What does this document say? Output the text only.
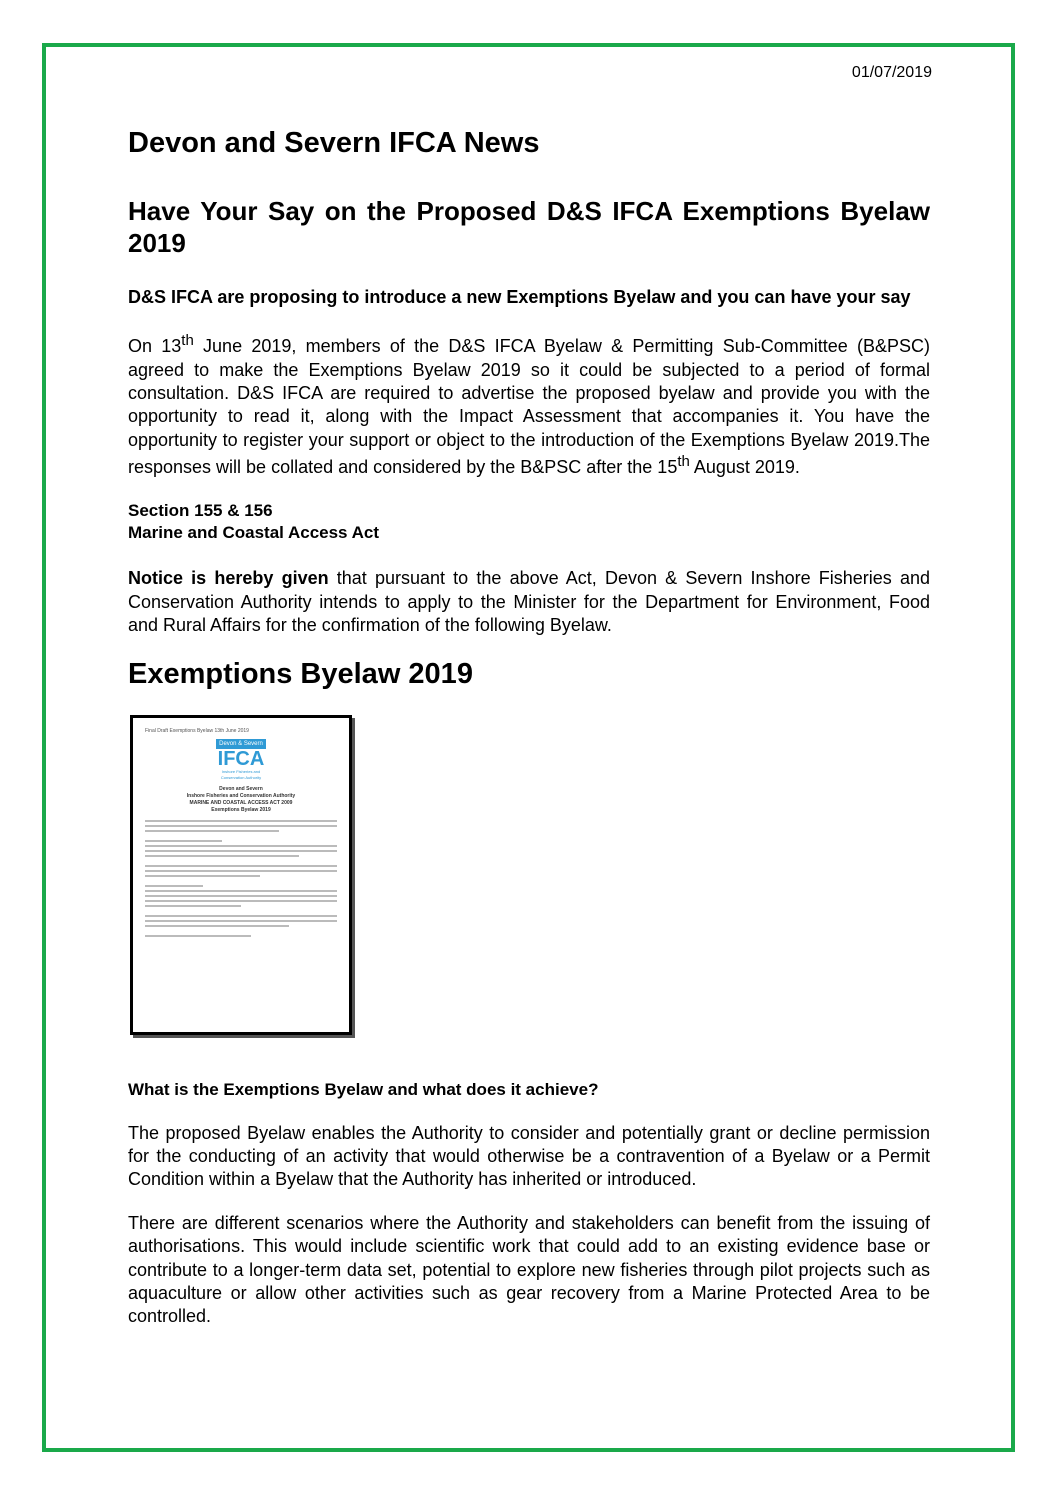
01/07/2019
Devon and Severn IFCA News
Have Your Say on the Proposed D&S IFCA Exemptions Byelaw 2019
D&S IFCA are proposing to introduce a new Exemptions Byelaw and you can have your say

On 13th June 2019, members of the D&S IFCA Byelaw & Permitting Sub-Committee (B&PSC) agreed to make the Exemptions Byelaw 2019 so it could be subjected to a period of formal consultation. D&S IFCA are required to advertise the proposed byelaw and provide you with the opportunity to read it, along with the Impact Assessment that accompanies it. You have the opportunity to register your support or object to the introduction of the Exemptions Byelaw 2019.The responses will be collated and considered by the B&PSC after the 15th August 2019.

Section 155 & 156
Marine and Coastal Access Act

Notice is hereby given that pursuant to the above Act, Devon & Severn Inshore Fisheries and Conservation Authority intends to apply to the Minister for the Department for Environment, Food and Rural Affairs for the confirmation of the following Byelaw.

Exemptions Byelaw 2019
Final Draft Exemptions Byelaw 13th June 2019
Devon & Severn
IFCA
Inshore Fisheries and Conservation Authority
Devon and Severn
Inshore Fisheries and Conservation Authority
MARINE AND COASTAL ACCESS ACT 2009
Exemptions Byelaw 2019
What is the Exemptions Byelaw and what does it achieve?

The proposed Byelaw enables the Authority to consider and potentially grant or decline permission for the conducting of an activity that would otherwise be a contravention of a Byelaw or a Permit Condition within a Byelaw that the Authority has inherited or introduced.

There are different scenarios where the Authority and stakeholders can benefit from the issuing of authorisations. This would include scientific work that could add to an existing evidence base or contribute to a longer-term data set, potential to explore new fisheries through pilot projects such as aquaculture or allow other activities such as gear recovery from a Marine Protected Area to be controlled.
